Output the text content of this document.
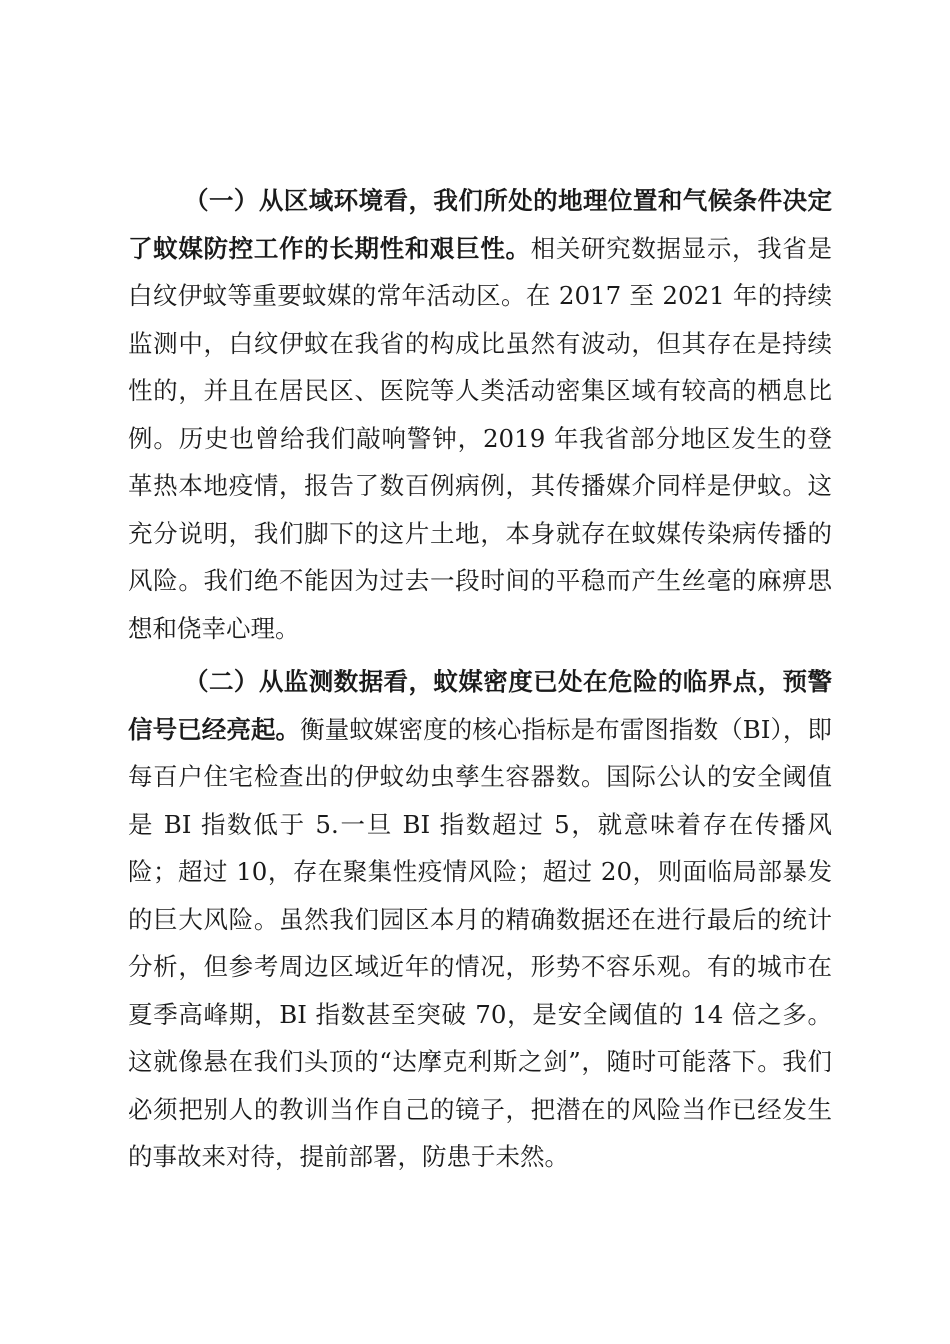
（一）从区域环境看，我们所处的地理位置和气候条件决定了蚊媒防控工作的长期性和艰巨性。相关研究数据显示，我省是白纹伊蚊等重要蚊媒的常年活动区。在 2017 至 2021 年的持续监测中，白纹伊蚊在我省的构成比虽然有波动，但其存在是持续性的，并且在居民区、医院等人类活动密集区域有较高的栖息比例。历史也曾给我们敲响警钟，2019 年我省部分地区发生的登革热本地疫情，报告了数百例病例，其传播媒介同样是伊蚊。这充分说明，我们脚下的这片土地，本身就存在蚊媒传染病传播的风险。我们绝不能因为过去一段时间的平稳而产生丝毫的麻痹思想和侥幸心理。

（二）从监测数据看，蚊媒密度已处在危险的临界点，预警信号已经亮起。衡量蚊媒密度的核心指标是布雷图指数（BI），即每百户住宅检查出的伊蚊幼虫孳生容器数。国际公认的安全阈值是 BI 指数低于 5.一旦 BI 指数超过 5，就意味着存在传播风险；超过 10，存在聚集性疫情风险；超过 20，则面临局部暴发的巨大风险。虽然我们园区本月的精确数据还在进行最后的统计分析，但参考周边区域近年的情况，形势不容乐观。有的城市在夏季高峰期，BI 指数甚至突破 70，是安全阈值的 14 倍之多。这就像悬在我们头顶的“达摩克利斯之剑”，随时可能落下。我们必须把别人的教训当作自己的镜子，把潜在的风险当作已经发生的事故来对待，提前部署，防患于未然。
